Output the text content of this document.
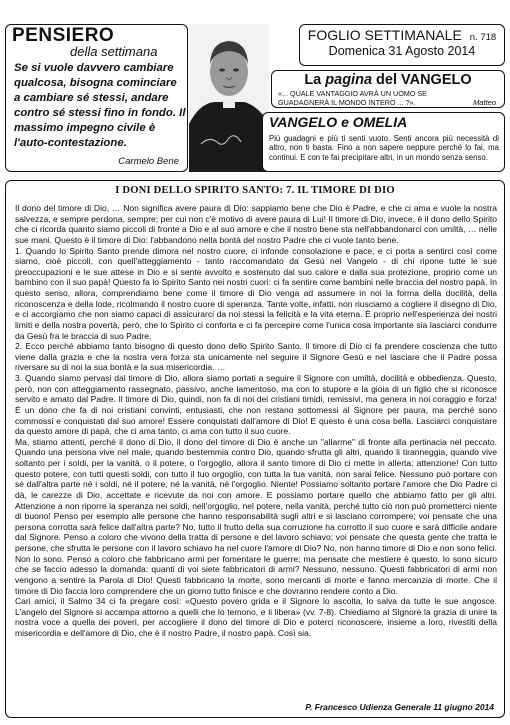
PENSIERO
della settimana
Se si vuole davvero cambiare qualcosa, bisogna cominciare a cambiare sé stessi, andare contro sé stessi fino in fondo. Il massimo impegno civile è l'auto-contestazione.
Carmelo Bene
FOGLIO SETTIMANALE n. 718
Domenica 31 Agosto 2014
La pagina del VANGELO
«... QUALE VANTAGGIO AVRÀ UN UOMO SE GUADAGNERÀ IL MONDO INTERO ... ?».	Matteo
VANGELO e OMELIA
Più guadagni e più ti senti vuoto. Senti ancora più necessità di altro, non ti basta. Fino a non sapere neppure perché lo fai, ma continui. E con te fai precipitare altri, in un mondo senza senso.
I DONI DELLO SPIRITO SANTO: 7. IL TIMORE DI DIO

Il dono del timore di Dio, … Non significa avere paura di Dio: sappiamo bene che Dio è Padre, e che ci ama e vuole la nostra salvezza, e sempre perdona, sempre; per cui non c'è motivo di avere paura di Lui! Il timore di Dio, invece, è il dono dello Spirito che ci ricorda quanto siamo piccoli di fronte a Dio e al suo amore e che il nostro bene sta nell'abbandonarci con umiltà, … nelle sue mani. Questo è il timore di Dio: l'abbandono nella bontà del nostro Padre che ci vuole tanto bene.

1. Quando lo Spirito Santo prende dimora nel nostro cuore, ci infonde consolazione e pace, e ci porta a sentirci così come siamo, cioè piccoli, con quell'atteggiamento - tanto raccomandato da Gesù nel Vangelo - di chi ripone tutte le sue preoccupazioni e le sue attese in Dio e si sente avvolto e sostenuto dal suo calore e dalla sua protezione, proprio come un bambino con il suo papà! Questo fa lo Spirito Santo nei nostri cuori: ci fa sentire come bambini nelle braccia del nostro papà. In questo senso, allora, comprendiamo bene come il timore di Dio venga ad assumere in noi la forma della docilità, della riconoscenza e della lode, ricolmando il nostro cuore di speranza. Tante volte, infatti, non riusciamo a cogliere il disegno di Dio, e ci accorgiamo che non siamo capaci di assicurarci da noi stessi la felicità e la vita eterna. È proprio nell'esperienza dei nostri limiti e della nostra povertà, però, che lo Spirito ci conforta e ci fa percepire come l'unica cosa importante sia lasciarci condurre da Gesù fra le braccia di suo Padre.

2. Ecco perché abbiamo tanto bisogno di questo dono dello Spirito Santo. Il timore di Dio ci fa prendere coscienza che tutto viene dalla grazia e che la nostra vera forza sta unicamente nel seguire il Signore Gesù e nel lasciare che il Padre possa riversare su di noi la sua bontà e la sua misericordia. …

3. Quando siamo pervasi dal timore di Dio, allora siamo portati a seguire il Signore con umiltà, docilità e obbedienza. Questo, però, non con atteggiamento rassegnato, passivo, anche lamentoso, ma con lo stupore e la gioia di un figlio che si riconosce servito e amato dal Padre. Il timore di Dio, quindi, non fa di noi dei cristiani timidi, remissivi, ma genera in noi coraggio e forza! È un dono che fa di noi cristiani convinti, entusiasti, che non restano sottomessi al Signore per paura, ma perché sono commossi e conquistati dal suo amore! Essere conquistati dall'amore di Dio! E questo è una cosa bella. Lasciarci conquistare da questo amore di papà, che ci ama tanto, ci ama con tutto il suo cuore.

Ma, stiamo attenti, perché il dono di Dio, il dono del timore di Dio è anche un "allarme" di fronte alla pertinacia nel peccato. Quando una persona vive nel male, quando bestemmia contro Dio, quando sfrutta gli altri, quando li tiranneggia, quando vive soltanto per i soldi, per la vanità, o il potere, o l'orgoglio, allora il santo timore di Dio ci mette in allerta: attenzione! Con tutto questo potere, con tutti questi soldi, con tutto il tuo orgoglio, con tutta la tua vanità, non sarai felice. Nessuno può portare con sé dall'altra parte né i soldi, né il potere, né la vanità, né l'orgoglio. Niente! Possiamo soltanto portare l'amore che Dio Padre ci dà, le carezze di Dio, accettate e ricevute da noi con amore. E possiamo portare quello che abbiamo fatto per gli altri. Attenzione a non riporre la speranza nei soldi, nell'orgoglio, nel potere, nella vanità, perché tutto ciò non può prometterci niente di buono! Penso per esempio alle persone che hanno responsabilità sugli altri e si lasciano corrompere; voi pensate che una persona corrotta sarà felice dall'altra parte? No, tutto il frutto della sua corruzione ha corrotto il suo cuore e sarà difficile andare dal Signore. Penso a coloro che vivono della tratta di persone e del lavoro schiavo; voi pensate che questa gente che tratta le persone, che sfrutta le persone con il lavoro schiavo ha nel cuore l'amore di Dio? No, non hanno timore di Dio e non sono felici. Non lo sono. Penso a coloro che fabbricano armi per fomentare le guerre; ma pensate che mestiere è questo. Io sono sicuro che se faccio adesso la domanda: quanti di voi siete fabbricatori di armi? Nessuno, nessuno. Questi fabbricatori di armi non vengono a sentire la Parola di Dio! Questi fabbricano la morte, sono mercanti di morte e fanno mercanzia di morte. Che il timore di Dio faccia loro comprendere che un giorno tutto finisce e che dovranno rendere conto a Dio.

Cari amici, il Salmo 34 ci fa pregare così: «Questo povero grida e il Signore lo ascolta, lo salva da tutte le sue angosce. L'angelo del Signore si accampa attorno a quelli che lo temono, e li libera» (vv. 7-8). Chiediamo al Signore la grazia di unire la nostra voce a quella dei poveri, per accogliere il dono del timore di Dio e poterci riconoscere, insieme a loro, rivestiti della misericordia e dell'amore di Dio, che è il nostro Padre, il nostro papà. Così sia.

P. Francesco Udienza Generale 11 giugno 2014
